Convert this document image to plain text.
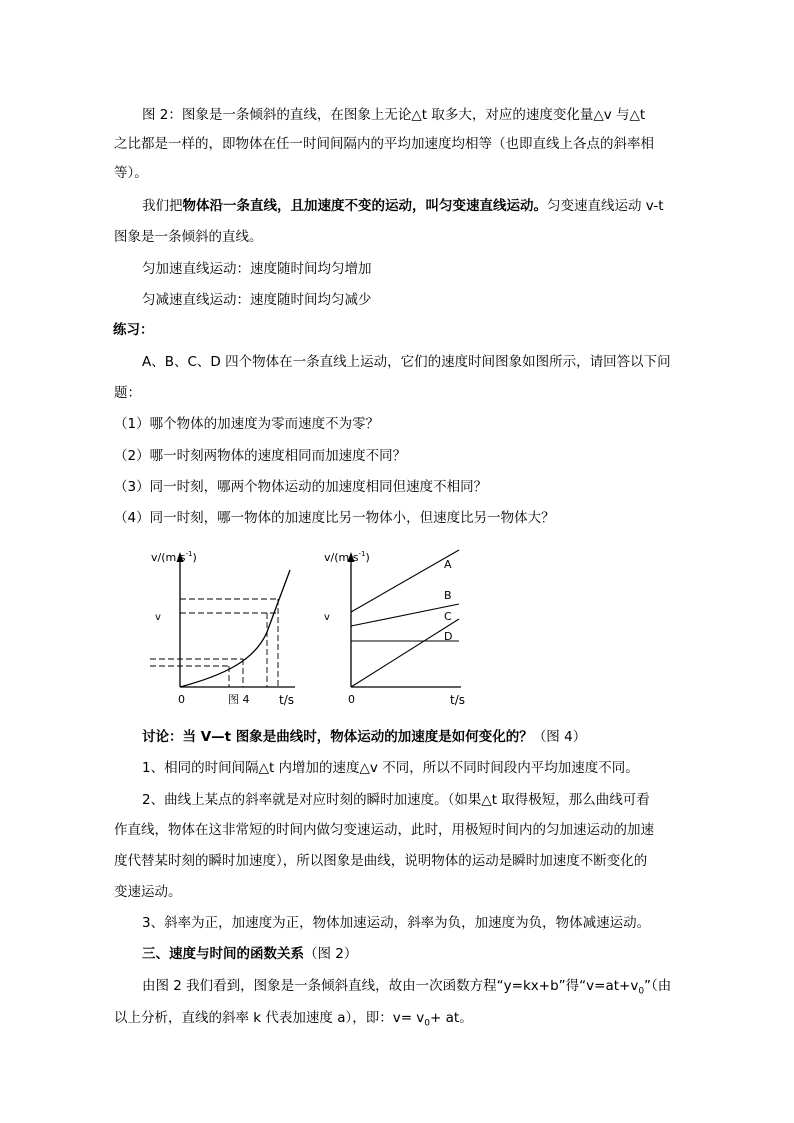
图 2：图象是一条倾斜的直线，在图象上无论△t 取多大，对应的速度变化量△v 与△t
之比都是一样的，即物体在任一时间间隔内的平均加速度均相等（也即直线上各点的斜率相
等）。
我们把物体沿一条直线，且加速度不变的运动，叫匀变速直线运动。匀变速直线运动 v-t
图象是一条倾斜的直线。
匀加速直线运动：速度随时间均匀增加
匀减速直线运动：速度随时间均匀减少
练习：
A、B、C、D 四个物体在一条直线上运动，它们的速度时间图象如图所示，请回答以下问
题：
（1）哪个物体的加速度为零而速度不为零？
（2）哪一时刻两物体的速度相同而加速度不同？
（3）同一时刻，哪两个物体运动的加速度相同但速度不相同？
（4）同一时刻，哪一物体的加速度比另一物体小，但速度比另一物体大？
$v/(m.s^{-1})$
v
0	图 4 t/s
A
B
C
D
$v/(m.s^{-1})$
v
0	t/s
讨论：当 V—t 图象是曲线时，物体运动的加速度是如何变化的？（图 4）
1、相同的时间间隔△t 内增加的速度△v 不同，所以不同时间段内平均加速度不同。
2、曲线上某点的斜率就是对应时刻的瞬时加速度。（如果△t 取得极短，那么曲线可看
作直线，物体在这非常短的时间内做匀变速运动，此时，用极短时间内的匀加速运动的加速
度代替某时刻的瞬时加速度），所以图象是曲线，说明物体的运动是瞬时加速度不断变化的
变速运动。
3、斜率为正，加速度为正，物体加速运动，斜率为负，加速度为负，物体减速运动。
三、速度与时间的函数关系（图 2）
由图 2 我们看到，图象是一条倾斜直线，故由一次函数方程“y=kx+b”得“$v=at+v_0$”（由
以上分析，直线的斜率 k 代表加速度 a），即：$v= v_0+$ at。
